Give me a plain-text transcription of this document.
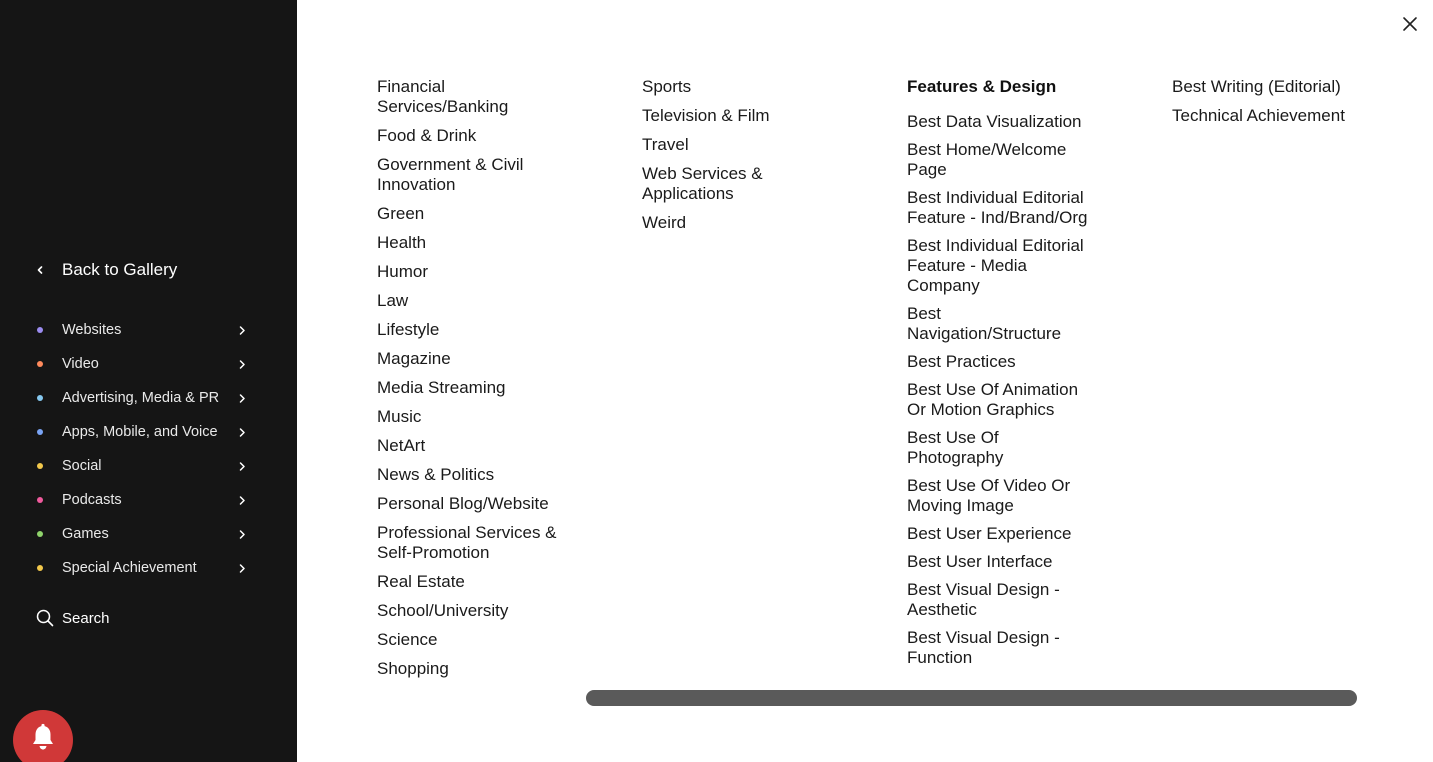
Back to Gallery
Websites
Video
Advertising, Media & PR
Apps, Mobile, and Voice
Social
Podcasts
Games
Special Achievement
Search
Financial Services/Banking
Food & Drink
Government & Civil Innovation
Green
Health
Humor
Law
Lifestyle
Magazine
Media Streaming
Music
NetArt
News & Politics
Personal Blog/Website
Professional Services & Self-Promotion
Real Estate
School/University
Science
Shopping
Sports
Television & Film
Travel
Web Services & Applications
Weird
Features & Design
Best Data Visualization
Best Home/Welcome Page
Best Individual Editorial Feature - Ind/Brand/Org
Best Individual Editorial Feature - Media Company
Best Navigation/Structure
Best Practices
Best Use Of Animation Or Motion Graphics
Best Use Of Photography
Best Use Of Video Or Moving Image
Best User Experience
Best User Interface
Best Visual Design - Aesthetic
Best Visual Design - Function
Best Writing (Editorial)
Technical Achievement
